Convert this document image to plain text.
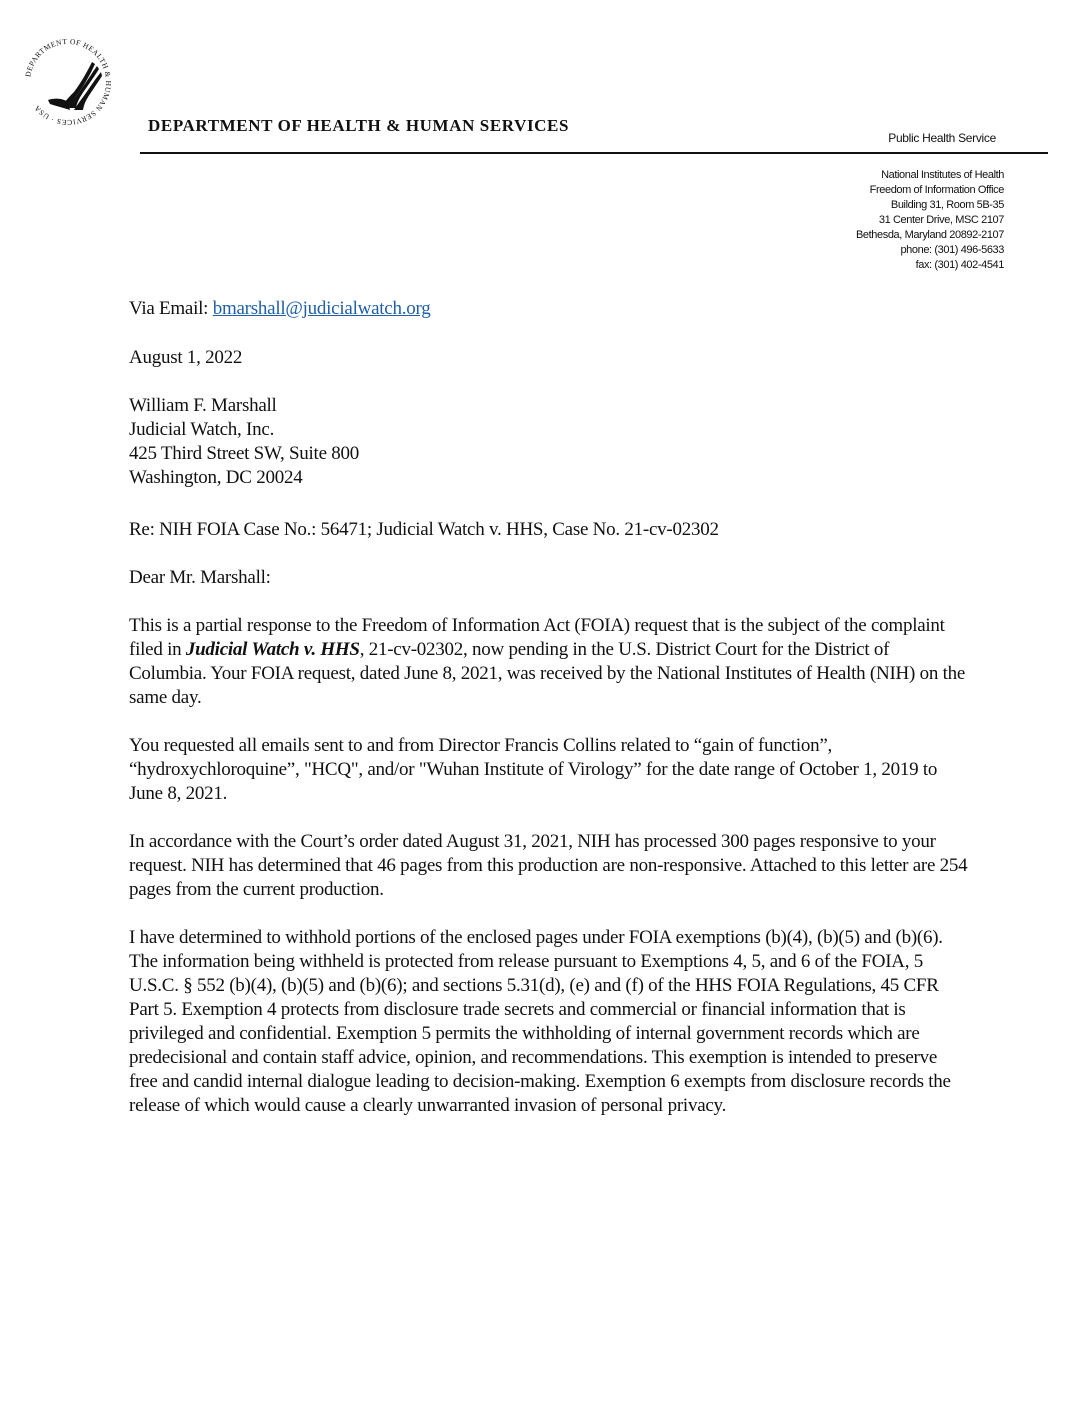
DEPARTMENT OF HEALTH & HUMAN SERVICES · USA
DEPARTMENT OF HEALTH & HUMAN SERVICES
Public Health Service
National Institutes of Health
Freedom of Information Office
Building 31, Room 5B-35
31 Center Drive, MSC 2107
Bethesda, Maryland 20892-2107
phone: (301) 496-5633
fax: (301) 402-4541
Via Email: bmarshall@judicialwatch.org
August 1, 2022
William F. Marshall
Judicial Watch, Inc.
425 Third Street SW, Suite 800
Washington, DC 20024
Re: NIH FOIA Case No.: 56471; Judicial Watch v. HHS, Case No. 21-cv-02302
Dear Mr. Marshall:

This is a partial response to the Freedom of Information Act (FOIA) request that is the subject of the complaint filed in Judicial Watch v. HHS, 21-cv-02302, now pending in the U.S. District Court for the District of Columbia. Your FOIA request, dated June 8, 2021, was received by the National Institutes of Health (NIH) on the same day.

You requested all emails sent to and from Director Francis Collins related to “gain of function”, “hydroxychloroquine”, "HCQ", and/or "Wuhan Institute of Virology” for the date range of October 1, 2019 to June 8, 2021.

In accordance with the Court’s order dated August 31, 2021, NIH has processed 300 pages responsive to your request. NIH has determined that 46 pages from this production are non-responsive. Attached to this letter are 254 pages from the current production.

I have determined to withhold portions of the enclosed pages under FOIA exemptions (b)(4), (b)(5) and (b)(6). The information being withheld is protected from release pursuant to Exemptions 4, 5, and 6 of the FOIA, 5 U.S.C. § 552 (b)(4), (b)(5) and (b)(6); and sections 5.31(d), (e) and (f) of the HHS FOIA Regulations, 45 CFR Part 5. Exemption 4 protects from disclosure trade secrets and commercial or financial information that is privileged and confidential. Exemption 5 permits the withholding of internal government records which are predecisional and contain staff advice, opinion, and recommendations. This exemption is intended to preserve free and candid internal dialogue leading to decision-making. Exemption 6 exempts from disclosure records the release of which would cause a clearly unwarranted invasion of personal privacy.
